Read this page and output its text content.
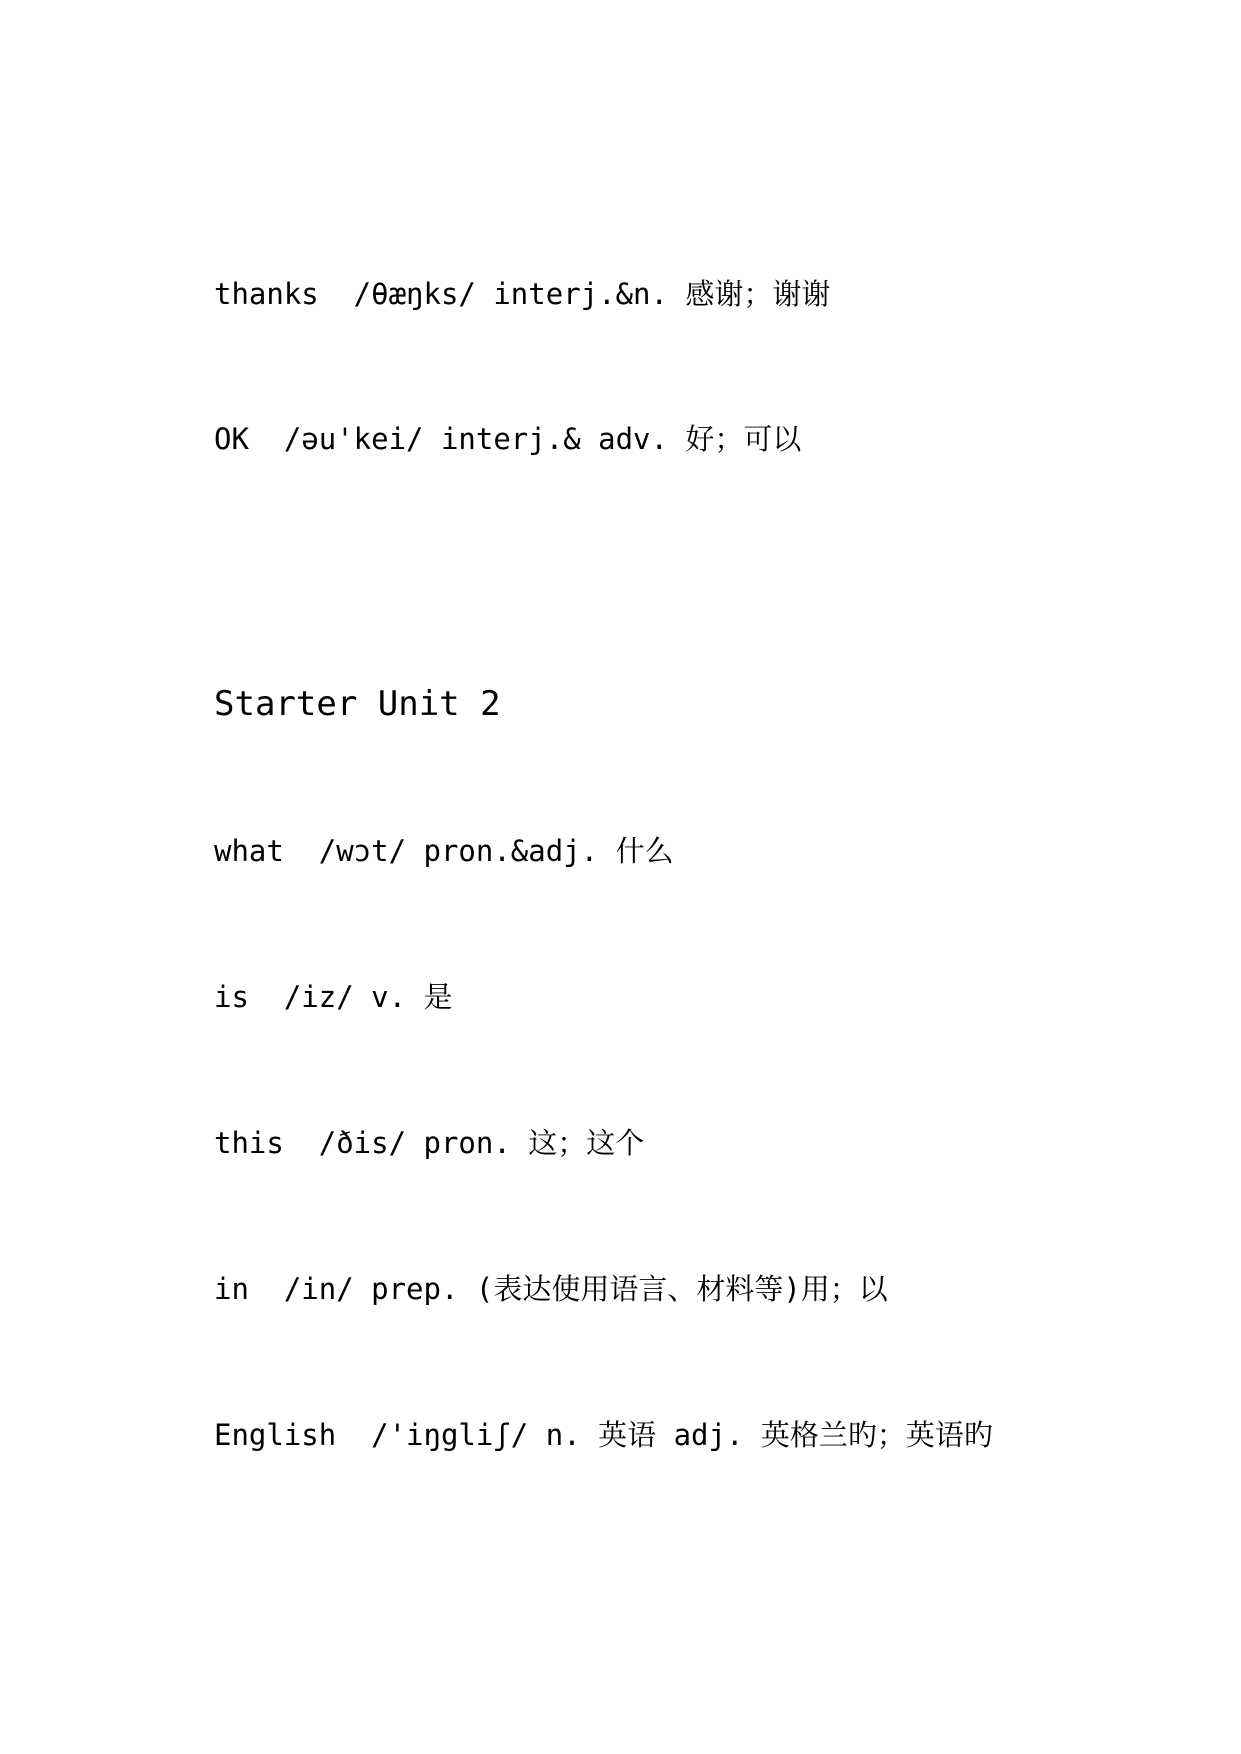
thanks  /θæŋks/ interj.&n. 感谢；谢谢
OK  /əu'kei/ interj.& adv. 好；可以
Starter Unit 2
what  /wɔt/ pron.&adj. 什么
is  /iz/ v. 是
this  /ðis/ pron. 这；这个
in  /in/ prep. (表达使用语言、材料等)用；以
English  /'iŋgliʃ/ n. 英语 adj. 英格兰旳；英语旳
